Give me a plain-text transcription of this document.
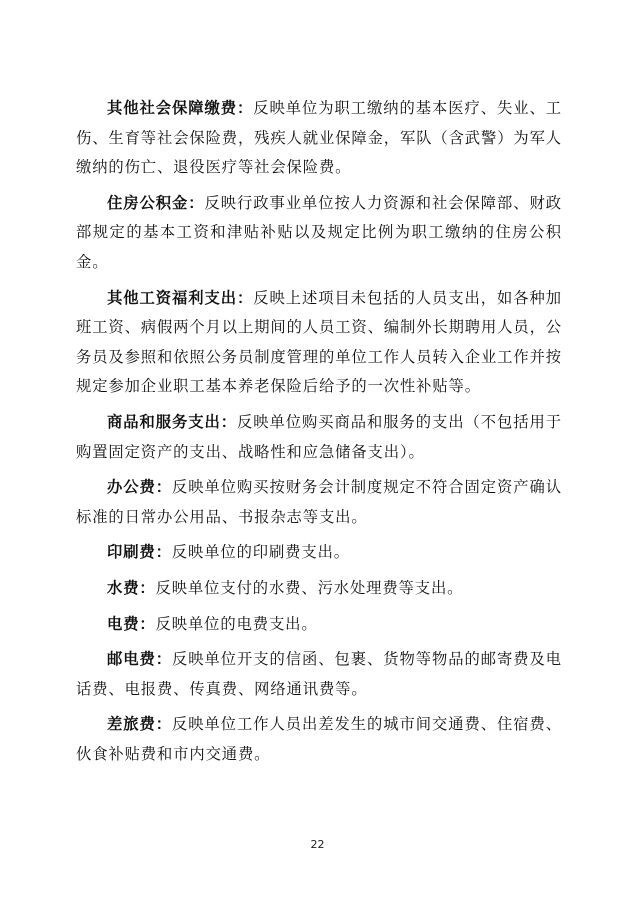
其他社会保障缴费：反映单位为职工缴纳的基本医疗、失业、工伤、生育等社会保险费，残疾人就业保障金，军队（含武警）为军人缴纳的伤亡、退役医疗等社会保险费。

住房公积金：反映行政事业单位按人力资源和社会保障部、财政部规定的基本工资和津贴补贴以及规定比例为职工缴纳的住房公积金。

其他工资福利支出：反映上述项目未包括的人员支出，如各种加班工资、病假两个月以上期间的人员工资、编制外长期聘用人员，公务员及参照和依照公务员制度管理的单位工作人员转入企业工作并按规定参加企业职工基本养老保险后给予的一次性补贴等。

商品和服务支出：反映单位购买商品和服务的支出（不包括用于购置固定资产的支出、战略性和应急储备支出）。

办公费：反映单位购买按财务会计制度规定不符合固定资产确认标准的日常办公用品、书报杂志等支出。

印刷费：反映单位的印刷费支出。

水费：反映单位支付的水费、污水处理费等支出。

电费：反映单位的电费支出。

邮电费：反映单位开支的信函、包裹、货物等物品的邮寄费及电话费、电报费、传真费、网络通讯费等。

差旅费：反映单位工作人员出差发生的城市间交通费、住宿费、伙食补贴费和市内交通费。

22
